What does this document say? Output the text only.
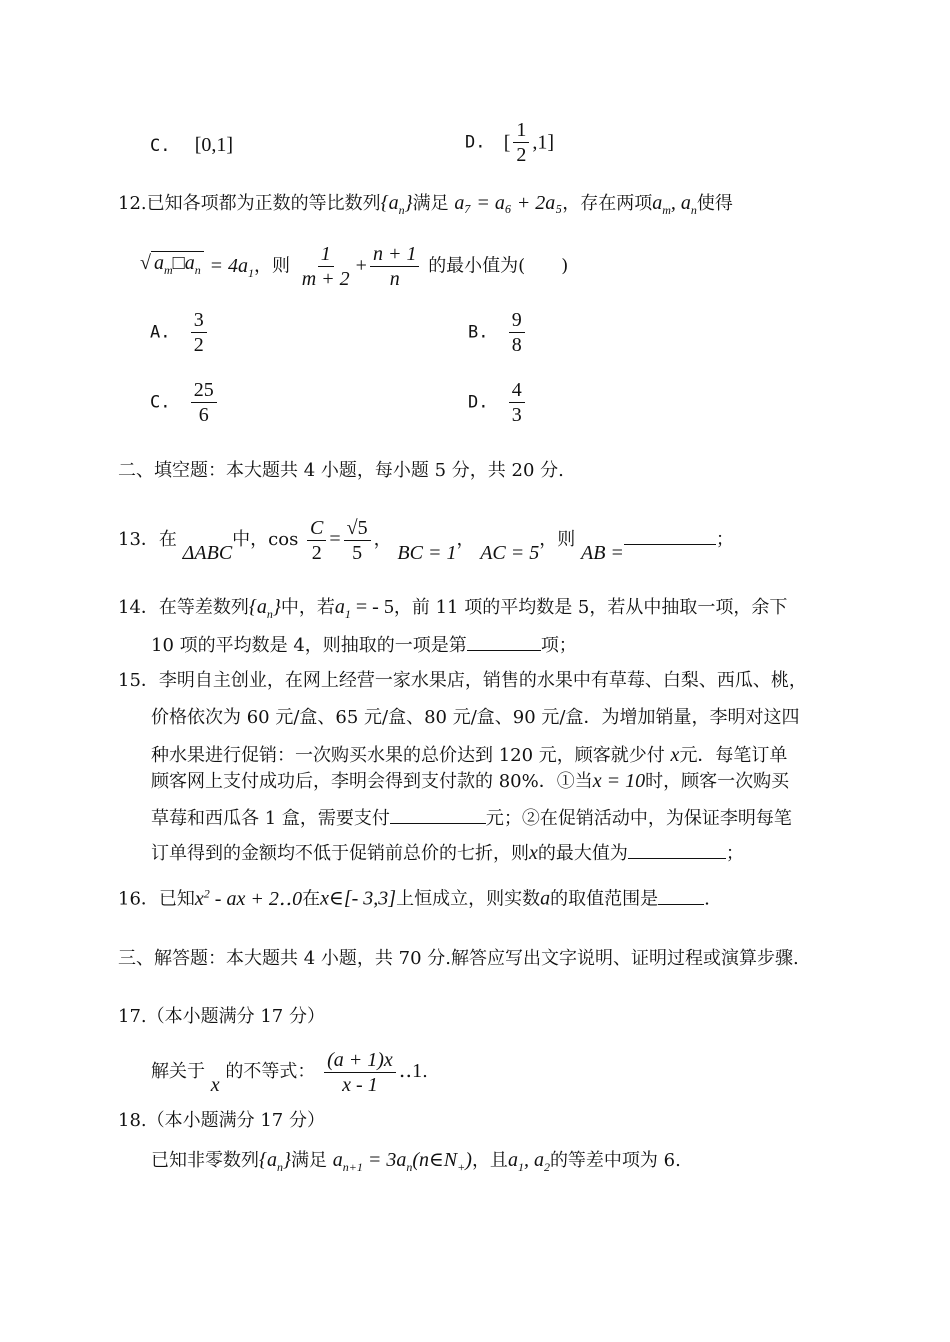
C. [0,1]	D. [ $\frac{1}{2} ,1$]
12.已知各项都为正数的等比数列$\{a_n\}$满足 a₇ = a₆ + 2a₅，存在两项$a_m$, $a_n$使得
√ $a_m□a_n = 4a_1$，则 $\frac{1}{m + 2} + \frac{n + 1}{n}$ 的最小值为(　　)
A. $\frac{3}{2}$	B. $\frac{9}{8}$
C. $\frac{25}{6}$	D. $\frac{4}{3}$
二、填空题：本大题共 4 小题，每小题 5 分，共 20 分.
13．在 ΔABC中，$\cos \frac{C}{2} = \frac{√5}{5}$ ， BC = 1， AC = 5，则 AB =；
14．在等差数列$\{a_n\}$中，若$a_1$ = - 5，前 11 项的平均数是 5，若从中抽取一项，余下
10 项的平均数是 4，则抽取的一项是第	项；
15．李明自主创业，在网上经营一家水果店，销售的水果中有草莓、白梨、西瓜、桃，
价格依次为 60 元/盒、65 元/盒、80 元/盒、90 元/盒．为增加销量，李明对这四
种水果进行促销：一次购买水果的总价达到 120 元，顾客就少付 x元．每笔订单
顾客网上支付成功后，李明会得到支付款的 80%．①当x = 10时，顾客一次购买
草莓和西瓜各 1 盒，需要支付	元；②在促销活动中，为保证李明每笔
订单得到的金额均不低于促销前总价的七折，则x的最大值为	；
16．已知$x^2$ - ax + 2‥0在x∈[- 3,3]上恒成立，则实数a的取值范围是	.
三、解答题：本大题共 4 小题，共 70 分.解答应写出文字说明、证明过程或演算步骤.
17.（本小题满分 17 分）
解关于 x 的不等式： $\frac{(a + 1)x}{x - 1}$ ‥1.
18.（本小题满分 17 分）
已知非零数列$\{a_n\}$满足 $a_{n+1}$ = $3a_n(n\in N_+)$，且$a_1$, $a_2$的等差中项为 6.
